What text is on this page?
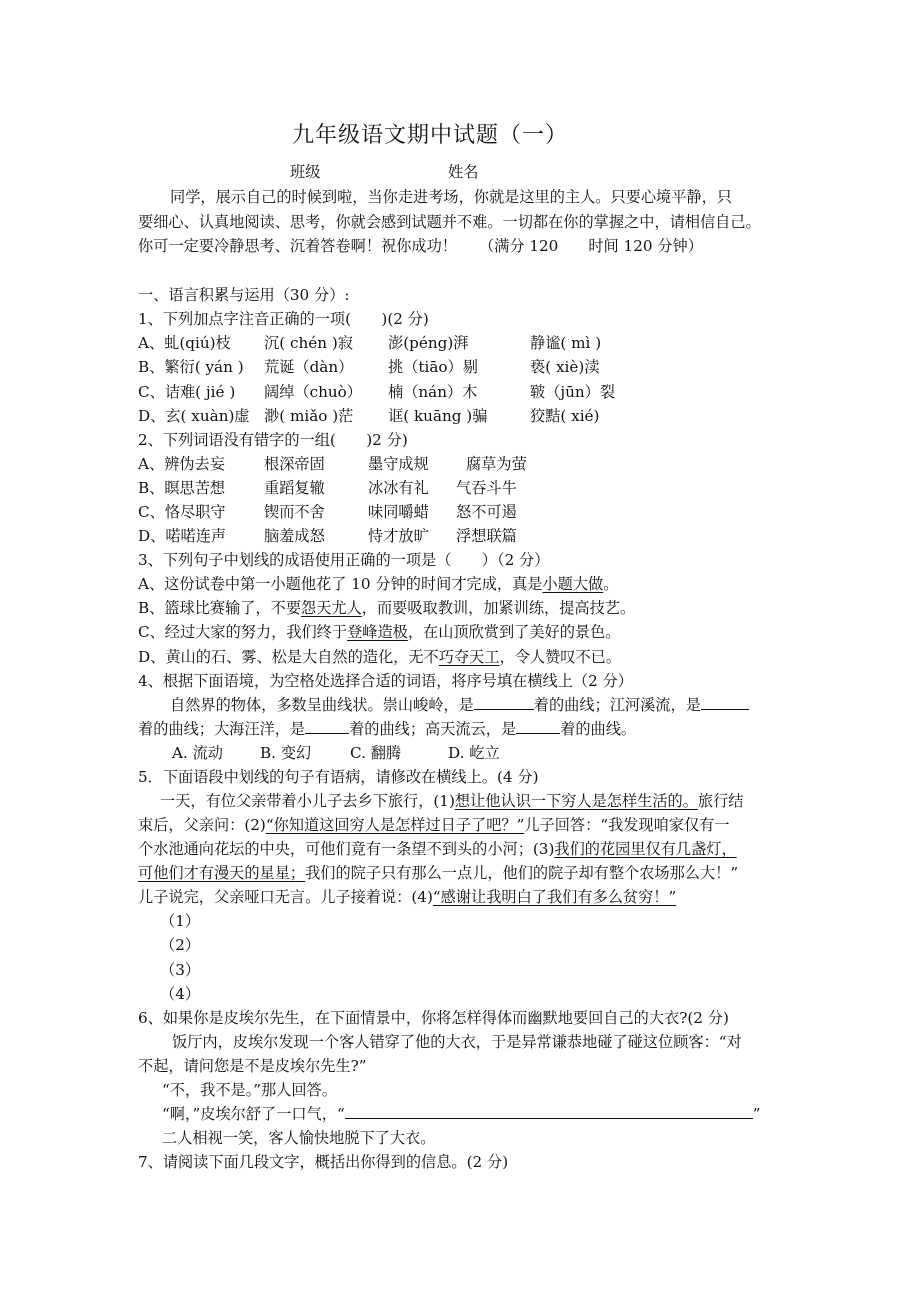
九年级语文期中试题（一）
班级	姓名
同学，展示自己的时候到啦，当你走进考场，你就是这里的主人。只要心境平静，只
要细心、认真地阅读、思考，你就会感到试题并不难。一切都在你的掌握之中，请相信自己。
你可一定要冷静思考、沉着答卷啊！祝你成功！ （满分 120 时间 120 分钟）
一、语言积累与运用（30 分）:
1、下列加点字注音正确的一项(　　)(2 分)
A、虬(qiú)枝 沉( chén )寂 澎(péng)湃	静谧( mì )
B、繁衍( yán ) 荒诞（dàn） 挑（tiāo）剔	亵( xiè)渎
C、诘难( jié ) 阔绰（chuò） 楠（nán）木	皲（jūn）裂
D、玄( xuàn)虚 渺( miǎo )茫 诓( kuāng )骗	狡黠( xié)
2、下列词语没有错字的一组(　　)2 分)
A、辨伪去妄	根深帝固	墨守成规 腐草为萤
B、瞑思苦想	重蹈复辙	冰冰有礼 气吞斗牛
C、恪尽职守	锲而不舍	味同嚼蜡 怒不可遏
D、喏喏连声 脑羞成怒	恃才放旷 浮想联篇
3、下列句子中划线的成语使用正确的一项是（　　）（2 分）
A、这份试卷中第一小题他花了 10 分钟的时间才完成，真是小题大做。
B、篮球比赛输了，不要怨天尤人，而要吸取教训，加紧训练，提高技艺。
C、经过大家的努力，我们终于登峰造极，在山顶欣赏到了美好的景色。
D、黄山的石、雾、松是大自然的造化，无不巧夺天工，令人赞叹不已。
4、根据下面语境，为空格处选择合适的词语，将序号填在横线上（2 分）
自然界的物体，多数呈曲线状。崇山峻岭，是	着的曲线；江河溪流，是
着的曲线；大海汪洋，是	着的曲线；高天流云，是	着的曲线。
A. 流动 B. 变幻	C. 翻腾	D. 屹立
5．下面语段中划线的句子有语病，请修改在横线上。(4 分)
一天，有位父亲带着小儿子去乡下旅行，(1)想让他认识一下穷人是怎样生活的。旅行结
束后，父亲问：(2)“你知道这回穷人是怎样过日子了吧？”儿子回答：“我发现咱家仅有一
个水池通向花坛的中央，可他们竟有一条望不到头的小河；(3)我们的花园里仅有几盏灯，
可他们才有漫天的星星；我们的院子只有那么一点儿，他们的院子却有整个农场那么大！”
儿子说完，父亲哑口无言。儿子接着说：(4)“感谢让我明白了我们有多么贫穷！”
（1）
（2）
（3）
（4）
6、如果你是皮埃尔先生，在下面情景中，你将怎样得体而幽默地要回自己的大衣?(2 分)
饭厅内，皮埃尔发现一个客人错穿了他的大衣，于是异常谦恭地碰了碰这位顾客：“对
不起，请问您是不是皮埃尔先生?”
“不，我不是。”那人回答。
“啊，”皮埃尔舒了一口气，“	”
二人相视一笑，客人愉快地脱下了大衣。
7、请阅读下面几段文字，概括出你得到的信息。(2 分)
